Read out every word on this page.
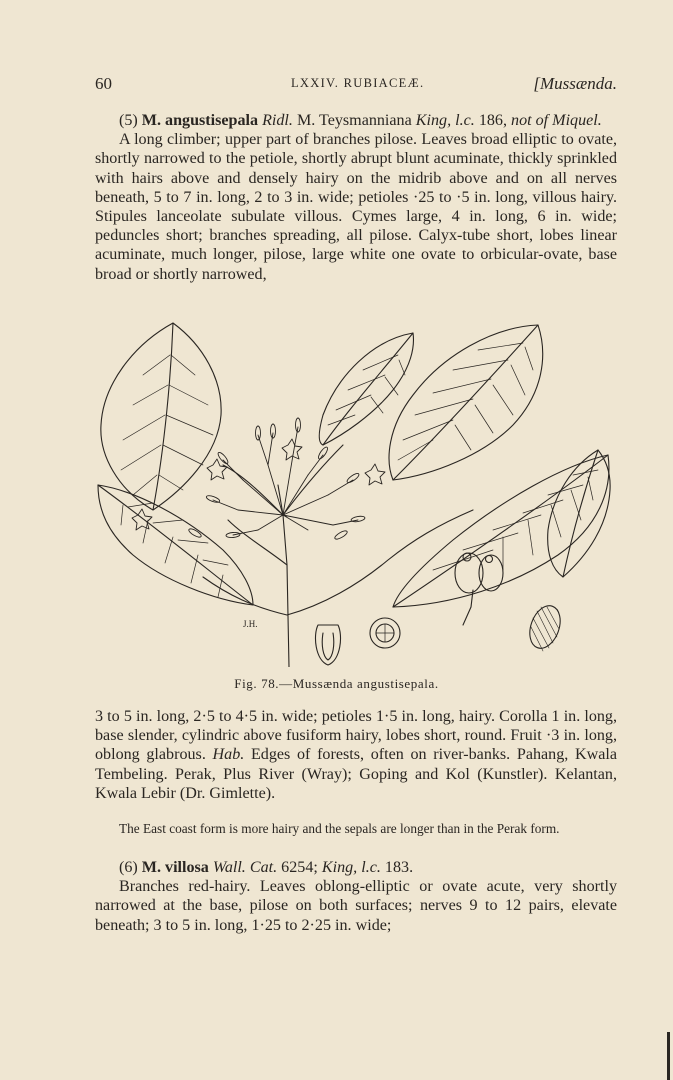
60	LXXIV. RUBIACEÆ.	[Mussænda.

(5) M. angustisepala Ridl. M. Teysmanniana King, l.c. 186, not of Miquel.

A long climber; upper part of branches pilose. Leaves broad elliptic to ovate, shortly narrowed to the petiole, shortly abrupt blunt acuminate, thickly sprinkled with hairs above and densely hairy on the midrib above and on all nerves beneath, 5 to 7 in. long, 2 to 3 in. wide; petioles ·25 to ·5 in. long, villous hairy. Stipules lanceolate subulate villous. Cymes large, 4 in. long, 6 in. wide; peduncles short; branches spreading, all pilose. Calyx-tube short, lobes linear acuminate, much longer, pilose, large white one ovate to orbicular-ovate, base broad or shortly narrowed,

J.H.
Fig. 78.—Mussænda angustisepala.

3 to 5 in. long, 2·5 to 4·5 in. wide; petioles 1·5 in. long, hairy. Corolla 1 in. long, base slender, cylindric above fusiform hairy, lobes short, round. Fruit ·3 in. long, oblong glabrous. Hab. Edges of forests, often on river-banks. Pahang, Kwala Tembeling. Perak, Plus River (Wray); Goping and Kol (Kunstler). Kelantan, Kwala Lebir (Dr. Gimlette).

The East coast form is more hairy and the sepals are longer than in the Perak form.

(6) M. villosa Wall. Cat. 6254; King, l.c. 183.

Branches red-hairy. Leaves oblong-elliptic or ovate acute, very shortly narrowed at the base, pilose on both surfaces; nerves 9 to 12 pairs, elevate beneath; 3 to 5 in. long, 1·25 to 2·25 in. wide;
